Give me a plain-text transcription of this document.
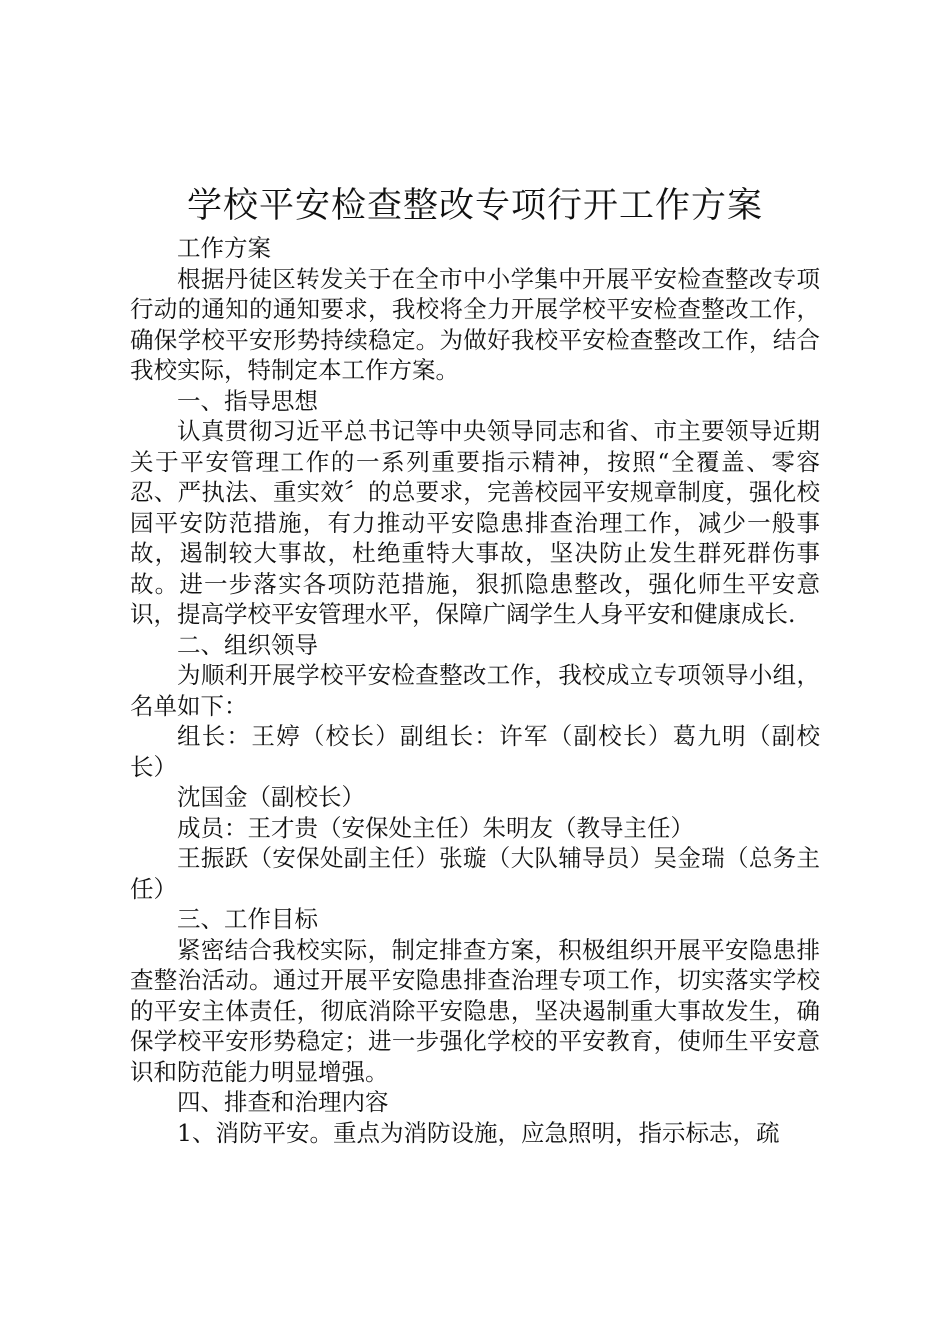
学校平安检查整改专项行开工作方案

工作方案

根据丹徒区转发关于在全市中小学集中开展平安检查整改专项行动的通知的通知要求，我校将全力开展学校平安检查整改工作，确保学校平安形势持续稳定。为做好我校平安检查整改工作，结合我校实际，特制定本工作方案。

一、指导思想

认真贯彻习近平总书记等中央领导同志和省、市主要领导近期关于平安管理工作的一系列重要指示精神，按照“全覆盖、零容忍、严执法、重实效〞的总要求，完善校园平安规章制度，强化校园平安防范措施，有力推动平安隐患排查治理工作，减少一般事故，遏制较大事故，杜绝重特大事故，坚决防止发生群死群伤事故。进一步落实各项防范措施，狠抓隐患整改，强化师生平安意识，提高学校平安管理水平，保障广阔学生人身平安和健康成长.

二、组织领导

为顺利开展学校平安检查整改工作，我校成立专项领导小组，名单如下：

组长：王婷（校长）副组长：许军（副校长）葛九明（副校长）

沈国金（副校长）

成员：王才贵（安保处主任）朱明友（教导主任）

王振跃（安保处副主任）张璇（大队辅导员）吴金瑞（总务主任）

三、工作目标

紧密结合我校实际，制定排查方案，积极组织开展平安隐患排查整治活动。通过开展平安隐患排查治理专项工作，切实落实学校的平安主体责任，彻底消除平安隐患，坚决遏制重大事故发生，确保学校平安形势稳定；进一步强化学校的平安教育，使师生平安意识和防范能力明显增强。

四、排查和治理内容

1、消防平安。重点为消防设施，应急照明，指示标志，疏
